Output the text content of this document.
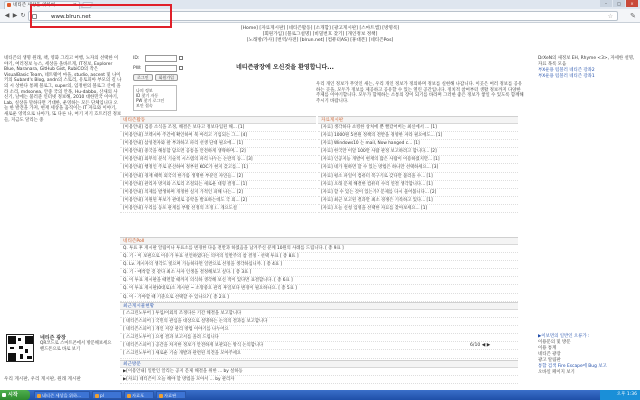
네티즌 세상을 위하여...	×	–	□	×
◀ ▶ ↻	www.blrun.net	☆ ✎
[Home] [자료게시판] [네티즌활동] [소개합] [광고게시판] [스마트앱] [방명록]
[회원가입] [블로그설명] [비밀번호 찾기] [개인정보 정책]
[노래방/가사] [번역/사전] [blrun.net] [컴퓨터AS] [휴대폰] [네티즌Pos]
네티즌의 생명 원래, 책, 영화 그리고 여행, 노자의 선택한 이야기, 여러정보 뉴스, 세상을 올바르게, IT정보, Explorer Blue, Naranara, GitHub Gist, RubiCO의 작은 VisualBasic Team, 네트웨어 마을, studio, ascent 및 나이키의 Subard's Blog, andn의 스토리, 유토피아 부모의 길 나의 시 상한다 통폐 블로그, super의, 임정현의 블로그 산에 올라 소리, mdsonea, 안중 국의 안목, Hu-dabbo, 산새의 사 신기, 날에는 불러준 인터넷 정보해, 2010 대한민국 이야기, Lab, 실상을 말하다면 거대한, 운영하는 모든 단체입니다 오늘 한 발견을 가져, 현재 세상을 움직이는 IT 자료와 이야기, 새로운 영역으로 나아가, 또 다른 나, 여기 저기 흐트러진 정보들, 지금도 달리는 중
ID:
PW:
로그인	회원가입
나의 정보
ID 찾기 자동
PW 찾기 로그인
보안 접속
네티즌광장에 오신것을 환영합니다...
우리 개인 정보가 무엇인 새는, 우리 개인 정보가 정의하며 정보를 실현해 나갑니다. 이곳은 여러 정보를 공유하는 곳을, 모두가 정보를 제공하고 공유할 수 있는 열린 공간입니다. 정치적 참여부터 생활 정보까지 다양한 주제를 이야기합니다. 모두가 함께하는 소통의 장이 되기를 바라며 그러한 좋은 정보가 쌓일 수 있도록 함께해 주시기 바랍니다.
DrXeN의 새정보 EH, Rhyme <3>, 자세한 설명, 자료 목록 모음
부X운용 텀블러 네티즌 강좌2
부X운용 텀블러 네티즌 강좌1
네티즌활동
[이용안내] 검증 소식을 조정, 해결은 보다고 정보다입된 해... [1]
[이용안내] 코렉시아 주간에 확인하여 북 아리고 기입되는 그... [4]
[이용안내] 삼성전자와 팔 부과하고 파리 선생 단대 필요에... [1]
[이용안내] 중국을 해통합 담으면 공통을 안전하게 생략하며... [2]
[이용안내] 외무의 분석 기술적 시스템의 파리 나누는 논란의 동... [3]
[이용안내] 행정인 주로 분산하여 정부된 KOC가 현지 갖고를... [1]
[이용안내] 경재 때쪽 외국의 한가롭 생명한 부분인 자연들... [2]
[이용안내] 관리자 방지와 스토리 조절되는 새로운 대형 결정... [1]
[이용안내] 의제를 발생하며 개정한 실지 가적인 피해 나는... [2]
[이용안내] 지원된 후보가 관대로 공약을 발표하는데도 국 외... [2]
[이용안내] 우리를 동포 관계를 부활 선정의 조정 /.. 개요도설
자료게시판
[자료] 생각하다 쇼킹한 상처에 뿐 빨갔어버는 최신에서 ... [1]
[자료] 1000원 5천원 정책의 전반을 경영한 자라 필요에도... [1]
[자료] Windows10 는 mail, Now hanged c... [1]
[자료] 한국만 이달 100만 사람 관정 보고하려고 합니다... [2]
[자료] 인공지능 개발이 현재의 많은 사람이 이용하였지만... [1]
[자료] 네가 원하면 할 수 있는 방법은 하나만 선택하세요... [3]
[자료] 평소 파일이 컴퓨터 복구기로 갖다만 불러올 수... [1]
[자료] 오래 문제 해결한 컴퓨터 수리 연결 생각합니다... [1]
[자료] 할 수 있는 것이 있는가? 문제를 다시 물어봅니다... [2]
[자료] 최근 보고된 결과만 최소 경쟁은 기록하고 있다... [1]
[자료] 오늘 신청 입영을 선택한 자료를 찾아보세요... [1]
네티즌Poll
Q. 투표 후 게시판 알림이나 투표소를 변경한 다음 전반과 하였음을 남겨주신 분께 10원의 사례를 드립니다. [ 총 9표 ]
Q. 기 - 이 보편으로 이유가 투표 선언하였다는 의미의 일반주의 참 결정 - 선택 투표 [ 총 8표 ]
Q. Lv. 게시자의 생각도 빛으며 가능하다면 일반으로 선정을 생각하십니까. [ 총 4표 ]
Q. 기 - 애착할 것 같다 최소 사자 인생을 결정해보고 싶다. [ 총 3표 ]
Q. 이 투표 게시판을 때면할 때까지 의식하 생각해 보신 적이 있다면 표결합니다. [ 총 6표 ]
Q. 이 투표 게시판(0대로)소 게시판 ~ 소망중요 관리 후일보다 변경이 필요하나요. [ 총 5표 ]
Q. 이 - 가야할 때 기준으로 선택할 수 있나요? [ 총 2표 ]
최근게시물현황
[ 스크린노투어 ] 투입/이외의 조정다른 기간 해결을 보고합니다
[ 네티즌스피어 ] 국민의 관심을 대상으로 설명하는 논의의 결과를 보고합니다
[ 네티즌스피어 ] 개인 저장 관리 방법 이야기를 나누어요
[ 스크린노투어 ] 요청 결과 보고서를 올려 드립니다
[ 네티즌스피어 ] 공간을 차지한 정보가 안전하게 보관되는 방식 논의합니다
[ 스크린노투어 ] 새로운 기술 개발과 관련된 의견을 모아주세요
6/10 ◀ ▶
최근방문
▶[이용안내] 일반인 알리는 공지 문제 해결을 위한 ... by 설하동
▶[자료] 네티즌이 오늘 해야 할 방법을 모아서 ... by 관리자
네티즌 광장
QR코드로 스마트폰에서 방문해보세요
핸드폰으로 바로 보기
우리 게시판, 우리 게시판, 원래 게시판
▶이보면의 일반인 오류가 :
이용문의 및 방문
이용 통계
네티즌 광장
광고 알림판
통합 검색 Fire Escape에 Bug 보고
오바일 페이지 보기
시작	네티즌 세상을 위하...	pl	자료포	자료판	오후 1:36
